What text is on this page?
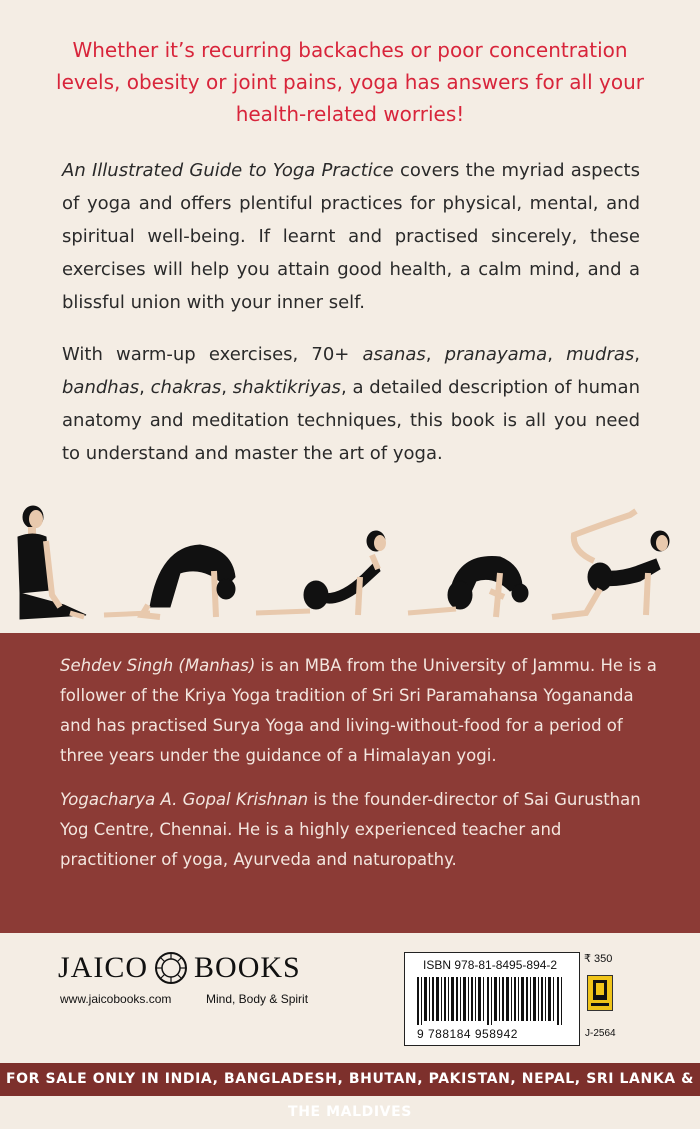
Whether it’s recurring backaches or poor concentration levels, obesity or joint pains, yoga has answers for all your health-related worries!
An Illustrated Guide to Yoga Practice covers the myriad aspects of yoga and offers plentiful practices for physical, mental, and spiritual well-being. If learnt and practised sincerely, these exercises will help you attain good health, a calm mind, and a blissful union with your inner self.
With warm-up exercises, 70+ asanas, pranayama, mudras, bandhas, chakras, shaktikriyas, a detailed description of human anatomy and meditation techniques, this book is all you need to understand and master the art of yoga.
Sehdev Singh (Manhas) is an MBA from the University of Jammu. He is a follower of the Kriya Yoga tradition of Sri Sri Paramahansa Yogananda and has practised Surya Yoga and living-without-food for a period of three years under the guidance of a Himalayan yogi.
Yogacharya A. Gopal Krishnan is the founder-director of Sai Gurusthan Yog Centre, Chennai. He is a highly experienced teacher and practitioner of yoga, Ayurveda and naturopathy.
JAICO BOOKS
www.jaicobooks.com	Mind, Body & Spirit
ISBN 978-81-8495-894-2
9 788184 958942
₹ 350
J-2564
FOR SALE ONLY IN INDIA, BANGLADESH, BHUTAN, PAKISTAN, NEPAL, SRI LANKA & THE MALDIVES
